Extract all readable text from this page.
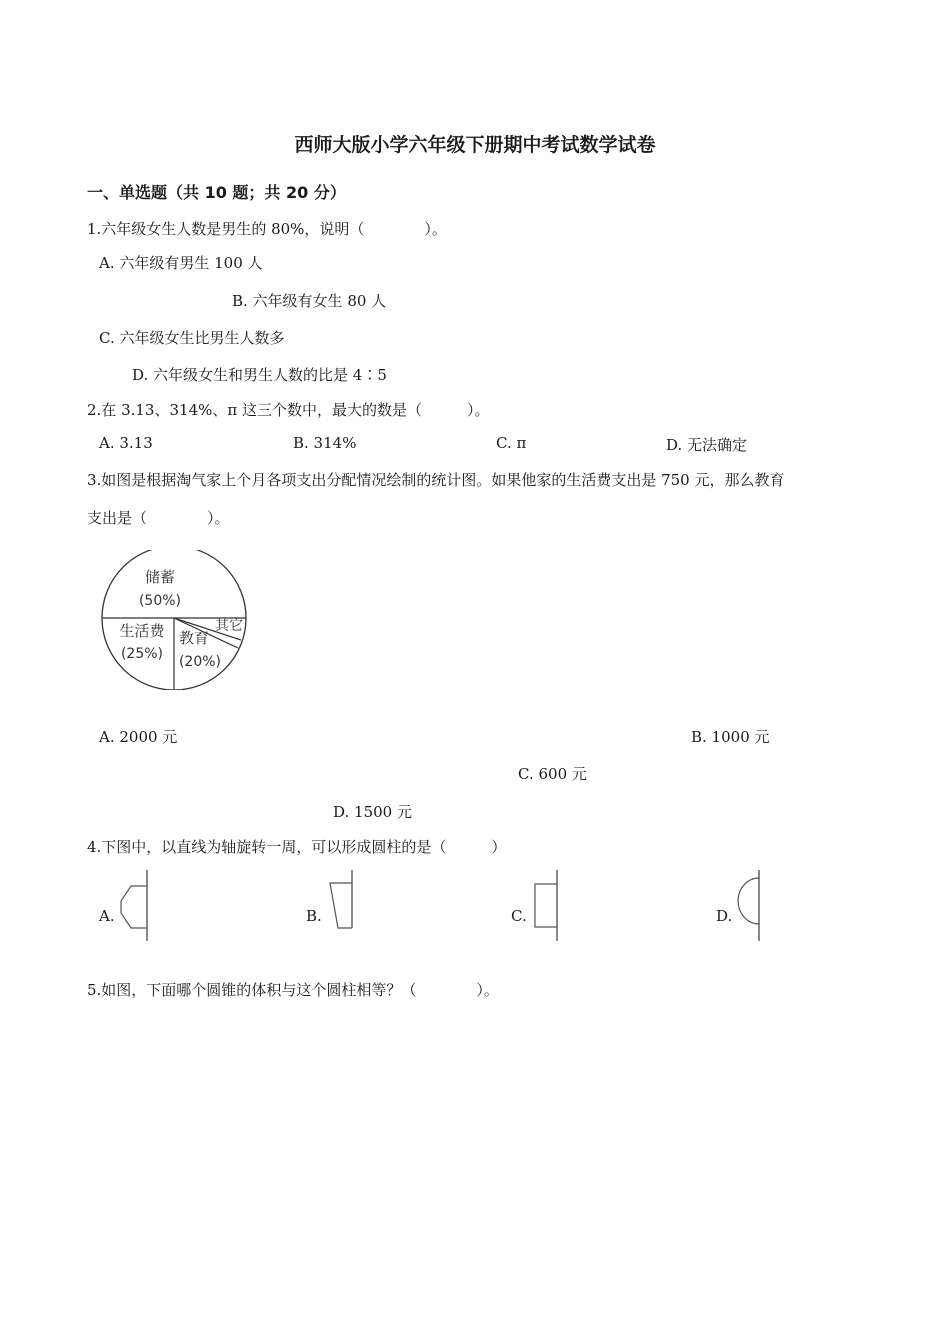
西师大版小学六年级下册期中考试数学试卷
一、单选题（共 10 题；共 20 分）
1.六年级女生人数是男生的 80%，说明（　　　　）。
A. 六年级有男生 100 人
B. 六年级有女生 80 人
C. 六年级女生比男生人数多
D. 六年级女生和男生人数的比是 4∶5
2.在 3.13、314%、π 这三个数中，最大的数是（　　　）。
A. 3.13	B. 314%	C. π	D. 无法确定
3.如图是根据淘气家上个月各项支出分配情况绘制的统计图。如果他家的生活费支出是 750 元，那么教育
支出是（　　　　）。
储蓄
(50%)
生活费
(25%)
教育
(20%)
其它
A. 2000 元	B. 1000 元
C. 600 元
D. 1500 元
4.下图中，以直线为轴旋转一周，可以形成圆柱的是（　　　）
A.	B.	C.	D.
5.如图，下面哪个圆锥的体积与这个圆柱相等？（　　　　）。
